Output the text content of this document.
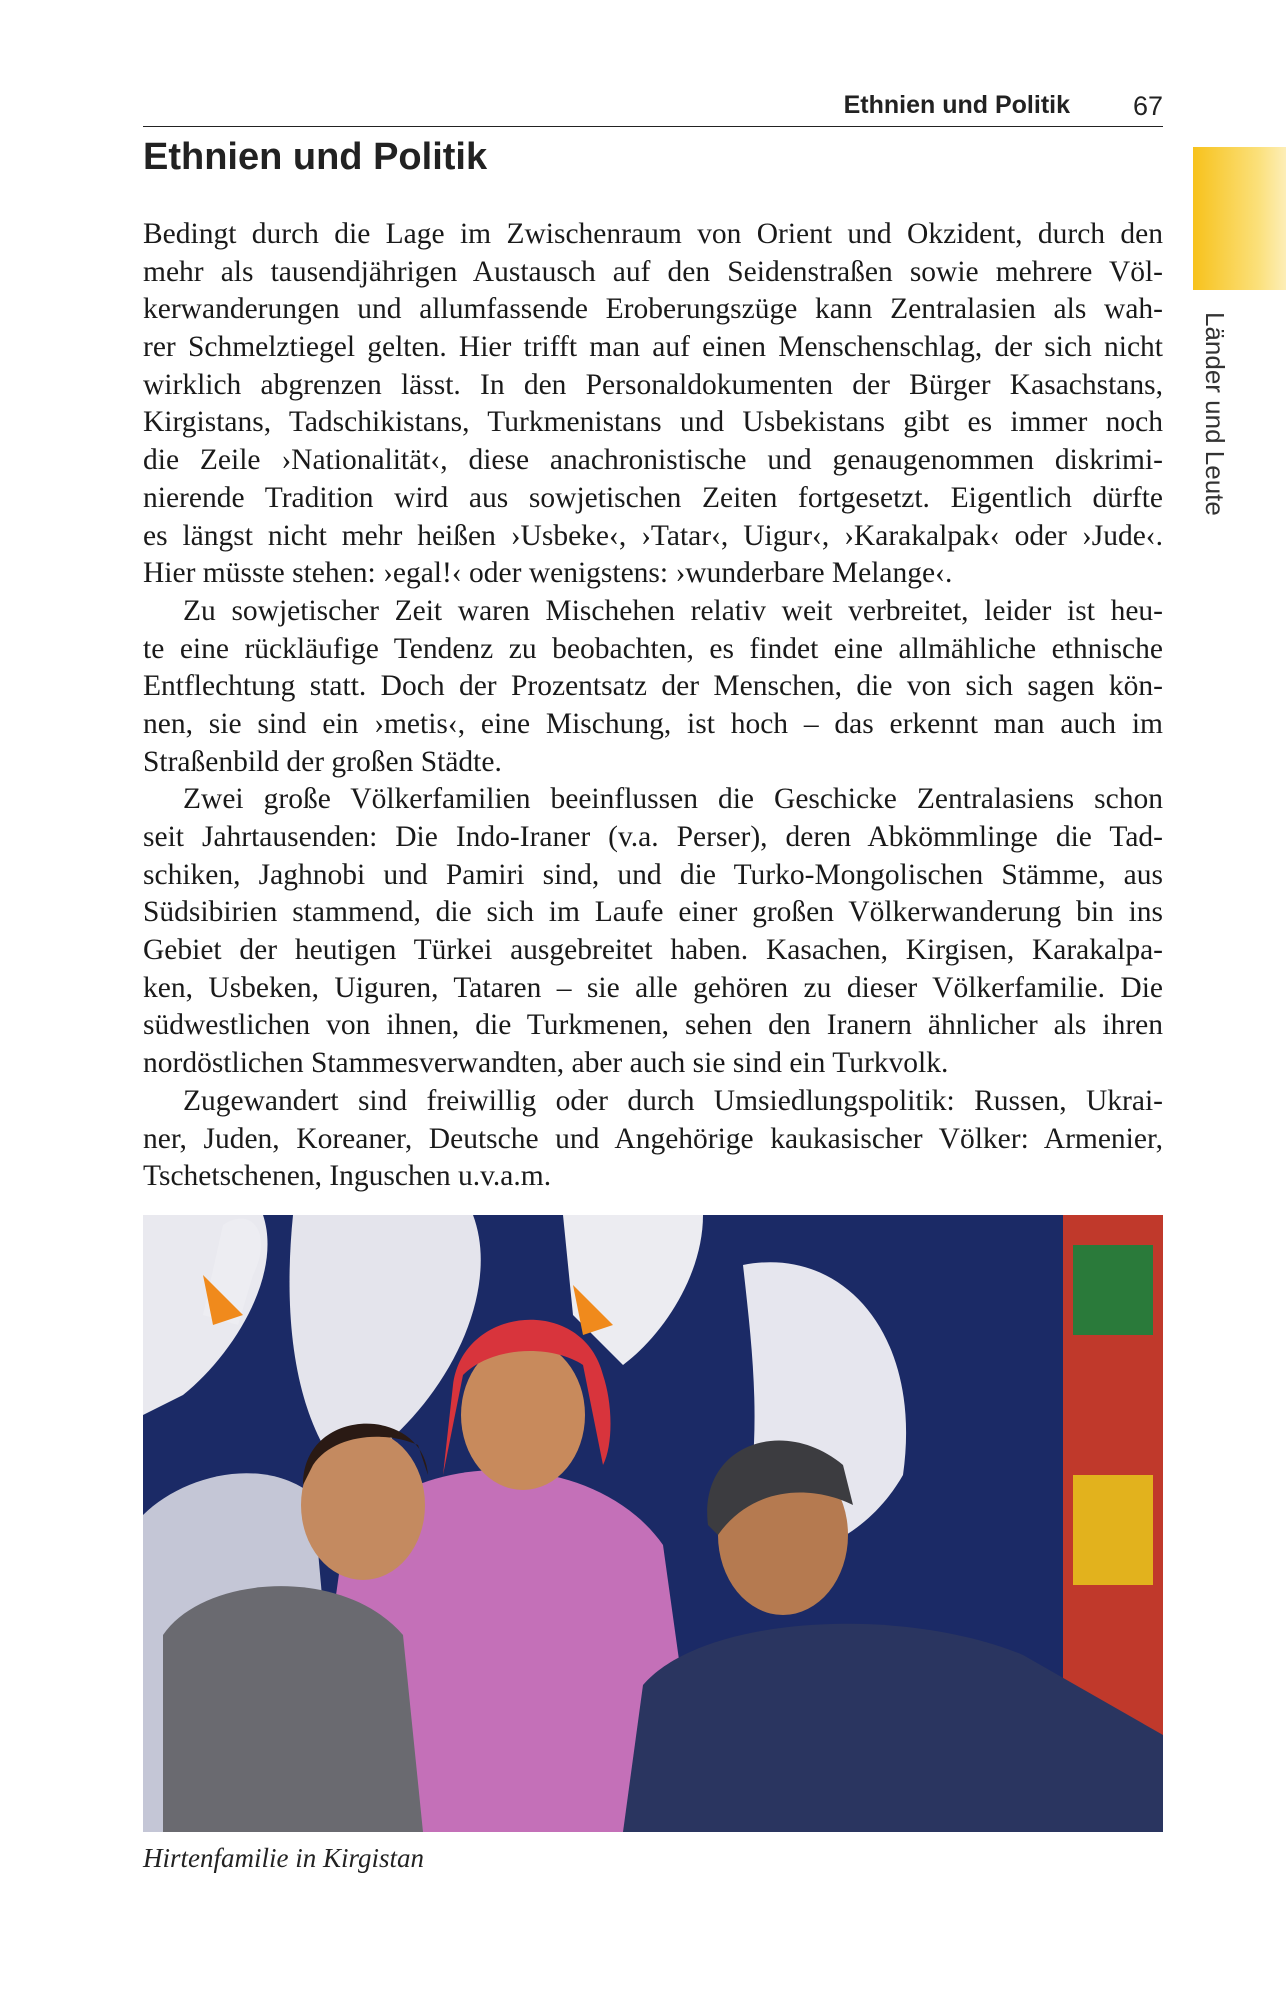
Ethnien und Politik 67
Länder und Leute
Ethnien und Politik
Bedingt durch die Lage im Zwischenraum von Orient und Okzident, durch den
mehr als tausendjährigen Austausch auf den Seidenstraßen sowie mehrere Völ-
kerwanderungen und allumfassende Eroberungszüge kann Zentralasien als wah-
rer Schmelztiegel gelten. Hier trifft man auf einen Menschenschlag, der sich nicht
wirklich abgrenzen lässt. In den Personaldokumenten der Bürger Kasachstans,
Kirgistans, Tadschikistans, Turkmenistans und Usbekistans gibt es immer noch
die Zeile ›Nationalität‹, diese anachronistische und genaugenommen diskrimi-
nierende Tradition wird aus sowjetischen Zeiten fortgesetzt. Eigentlich dürfte
es längst nicht mehr heißen ›Usbeke‹, ›Tatar‹, Uigur‹, ›Karakalpak‹ oder ›Jude‹.
Hier müsste stehen: ›egal!‹ oder wenigstens: ›wunderbare Melange‹.
Zu sowjetischer Zeit waren Mischehen relativ weit verbreitet, leider ist heu-
te eine rückläufige Tendenz zu beobachten, es findet eine allmähliche ethnische
Entflechtung statt. Doch der Prozentsatz der Menschen, die von sich sagen kön-
nen, sie sind ein ›metis‹, eine Mischung, ist hoch – das erkennt man auch im
Straßenbild der großen Städte.
Zwei große Völkerfamilien beeinflussen die Geschicke Zentralasiens schon
seit Jahrtausenden: Die Indo-Iraner (v.a. Perser), deren Abkömmlinge die Tad-
schiken, Jaghnobi und Pamiri sind, und die Turko-Mongolischen Stämme, aus
Südsibirien stammend, die sich im Laufe einer großen Völkerwanderung bin ins
Gebiet der heutigen Türkei ausgebreitet haben. Kasachen, Kirgisen, Karakalpa-
ken, Usbeken, Uiguren, Tataren – sie alle gehören zu dieser Völkerfamilie. Die
südwestlichen von ihnen, die Turkmenen, sehen den Iranern ähnlicher als ihren
nordöstlichen Stammesverwandten, aber auch sie sind ein Turkvolk.
Zugewandert sind freiwillig oder durch Umsiedlungspolitik: Russen, Ukrai-
ner, Juden, Koreaner, Deutsche und Angehörige kaukasischer Völker: Armenier,
Tschetschenen, Inguschen u.v.a.m.
Hirtenfamilie in Kirgistan
